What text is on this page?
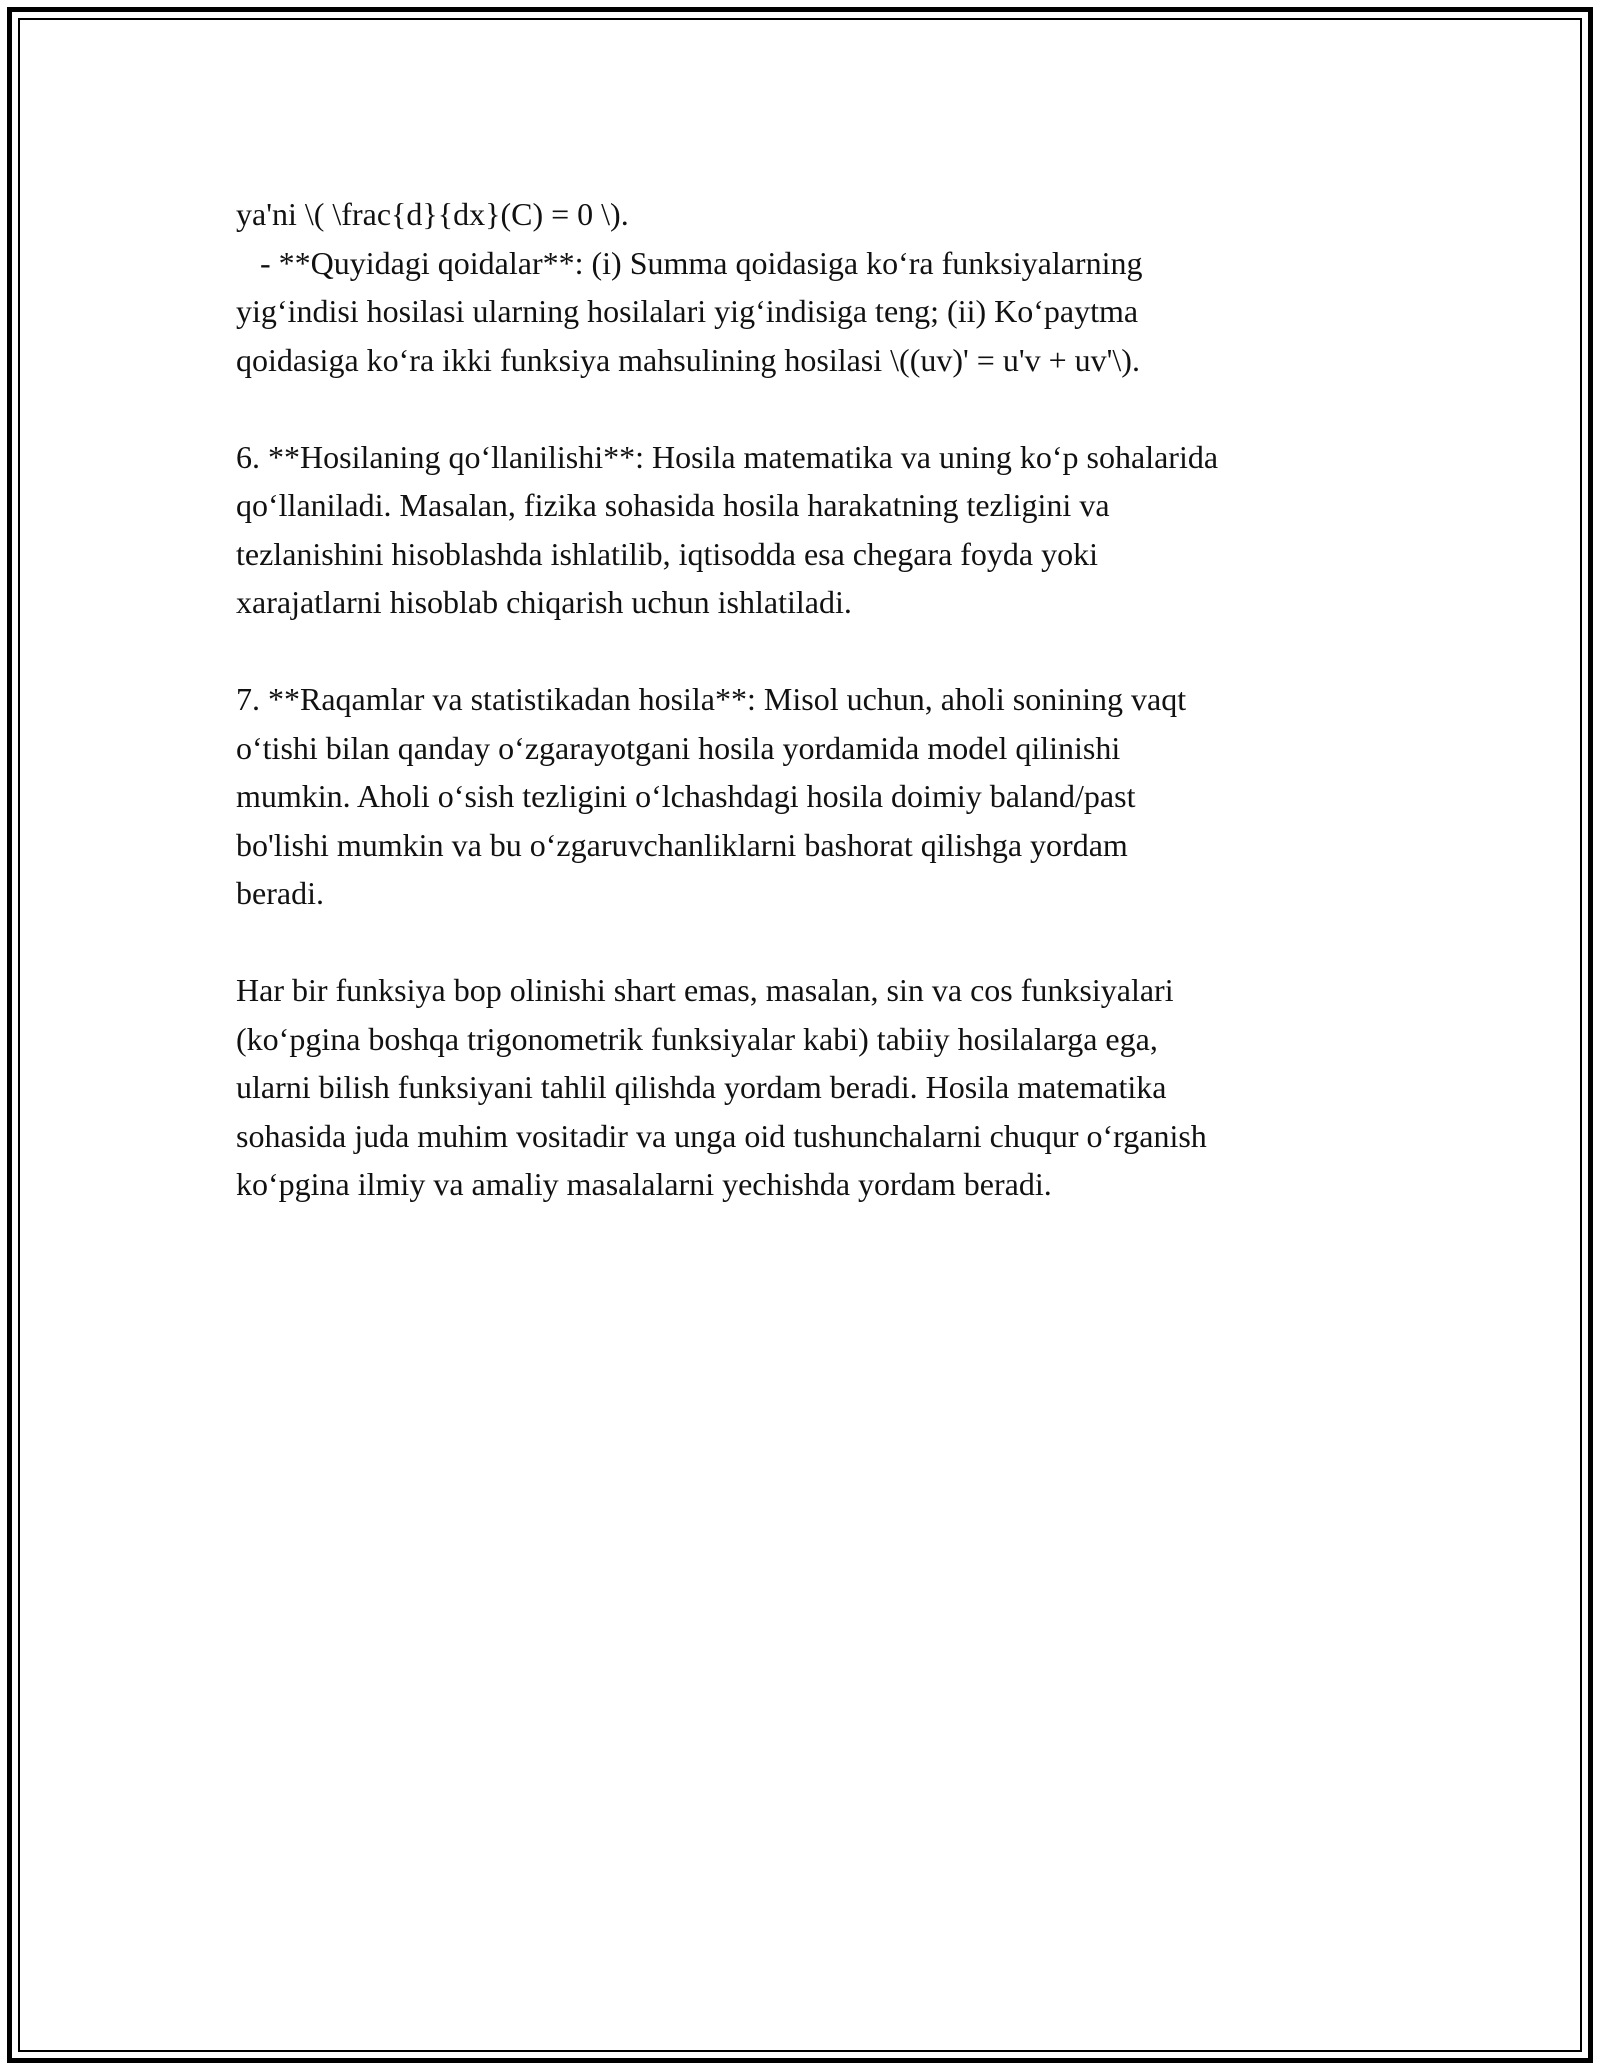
ya'ni \( \frac{d}{dx}(C) = 0 \).
- **Quyidagi qoidalar**: (i) Summa qoidasiga ko‘ra funksiyalarning
yig‘indisi hosilasi ularning hosilalari yig‘indisiga teng; (ii) Ko‘paytma
qoidasiga ko‘ra ikki funksiya mahsulining hosilasi \((uv)' = u'v + uv'\).
6. **Hosilaning qo‘llanilishi**: Hosila matematika va uning ko‘p sohalarida
qo‘llaniladi. Masalan, fizika sohasida hosila harakatning tezligini va
tezlanishini hisoblashda ishlatilib, iqtisodda esa chegara foyda yoki
xarajatlarni hisoblab chiqarish uchun ishlatiladi.
7. **Raqamlar va statistikadan hosila**: Misol uchun, aholi sonining vaqt
o‘tishi bilan qanday o‘zgarayotgani hosila yordamida model qilinishi
mumkin. Aholi o‘sish tezligini o‘lchashdagi hosila doimiy baland/past
bo'lishi mumkin va bu o‘zgaruvchanliklarni bashorat qilishga yordam
beradi.
Har bir funksiya bop olinishi shart emas, masalan, sin va cos funksiyalari
(ko‘pgina boshqa trigonometrik funksiyalar kabi) tabiiy hosilalarga ega,
ularni bilish funksiyani tahlil qilishda yordam beradi. Hosila matematika
sohasida juda muhim vositadir va unga oid tushunchalarni chuqur o‘rganish
ko‘pgina ilmiy va amaliy masalalarni yechishda yordam beradi.
